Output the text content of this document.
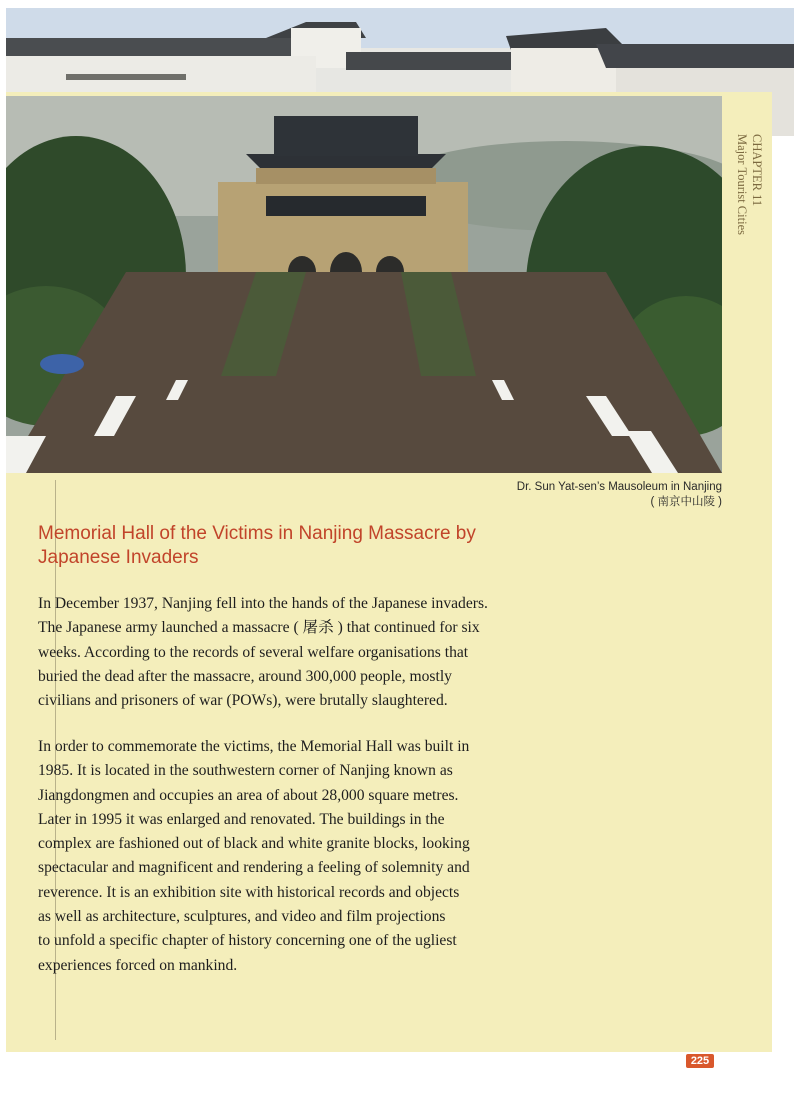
CHAPTER 11
Major Tourist Cities
Dr. Sun Yat-sen’s Mausoleum in Nanjing
( 南京中山陵 )
Memorial Hall of the Victims in Nanjing Massacre by
Japanese Invaders
In December 1937, Nanjing fell into the hands of the Japanese invaders.
The Japanese army launched a massacre ( 屠杀 ) that continued for six
weeks. According to the records of several welfare organisations that
buried the dead after the massacre, around 300,000 people, mostly
civilians and prisoners of war (POWs), were brutally slaughtered.
In order to commemorate the victims, the Memorial Hall was built in
1985. It is located in the southwestern corner of Nanjing known as
Jiangdongmen and occupies an area of about 28,000 square metres.
Later in 1995 it was enlarged and renovated. The buildings in the
complex are fashioned out of black and white granite blocks, looking
spectacular and magnificent and rendering a feeling of solemnity and
reverence. It is an exhibition site with historical records and objects
as well as architecture, sculptures, and video and film projections
to unfold a specific chapter of history concerning one of the ugliest
experiences forced on mankind.
225
